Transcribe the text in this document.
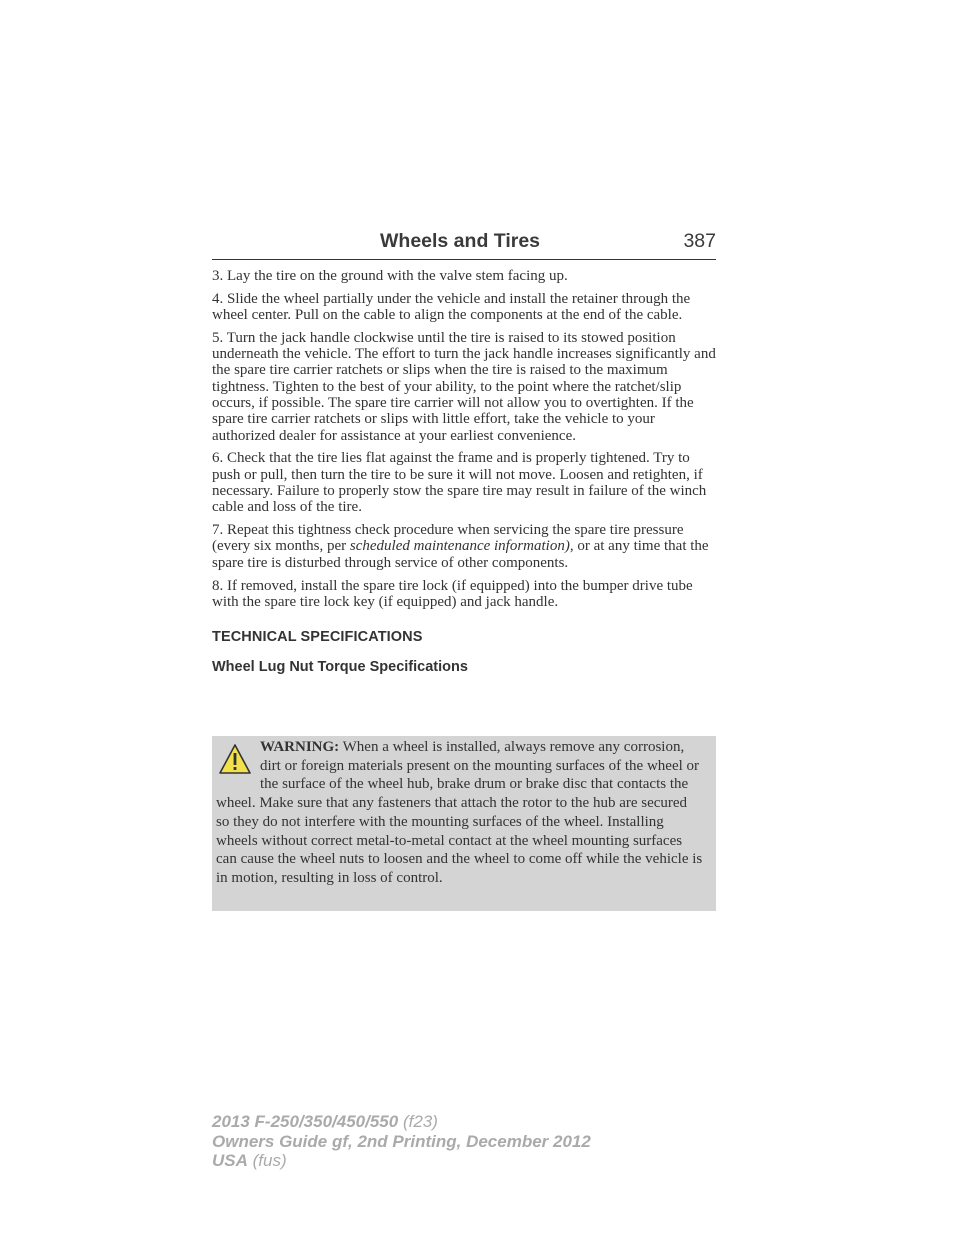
Wheels and Tires	387

3. Lay the tire on the ground with the valve stem facing up.

4. Slide the wheel partially under the vehicle and install the retainer through the wheel center. Pull on the cable to align the components at the end of the cable.

5. Turn the jack handle clockwise until the tire is raised to its stowed position underneath the vehicle. The effort to turn the jack handle increases significantly and the spare tire carrier ratchets or slips when the tire is raised to the maximum tightness. Tighten to the best of your ability, to the point where the ratchet/slip occurs, if possible. The spare tire carrier will not allow you to overtighten. If the spare tire carrier ratchets or slips with little effort, take the vehicle to your authorized dealer for assistance at your earliest convenience.

6. Check that the tire lies flat against the frame and is properly tightened. Try to push or pull, then turn the tire to be sure it will not move. Loosen and retighten, if necessary. Failure to properly stow the spare tire may result in failure of the winch cable and loss of the tire.

7. Repeat this tightness check procedure when servicing the spare tire pressure (every six months, per scheduled maintenance information), or at any time that the spare tire is disturbed through service of other components.

8. If removed, install the spare tire lock (if equipped) into the bumper drive tube with the spare tire lock key (if equipped) and jack handle.

TECHNICAL SPECIFICATIONS
Wheel Lug Nut Torque Specifications
WARNING: When a wheel is installed, always remove any corrosion, dirt or foreign materials present on the mounting surfaces of the wheel or the surface of the wheel hub, brake drum or brake disc that contacts the wheel. Make sure that any fasteners that attach the rotor to the hub are secured so they do not interfere with the mounting surfaces of the wheel. Installing wheels without correct metal-to-metal contact at the wheel mounting surfaces can cause the wheel nuts to loosen and the wheel to come off while the vehicle is in motion, resulting in loss of control.
2013 F-250/350/450/550 (f23)
Owners Guide gf, 2nd Printing, December 2012
USA (fus)
